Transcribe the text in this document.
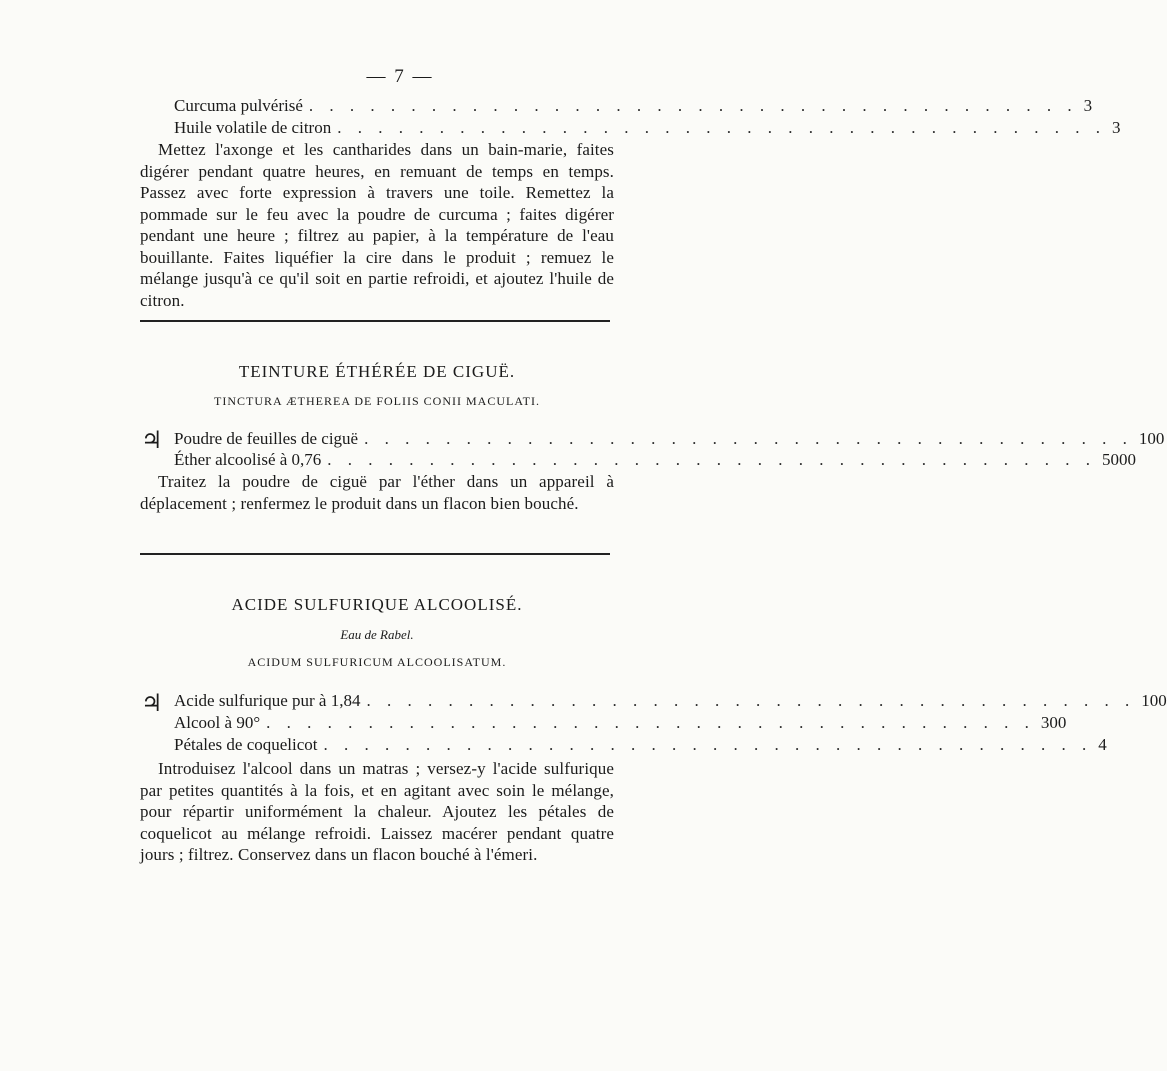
— 7 —
Curcuma pulvérisé . . . . . . . . . . . . . . . . . . . . . . . . . . . . . . . . . . . . . . 3
Huile volatile de citron . . . . . . . . . . . . . . . . . . . . . . . . . . . . . . . . . . . . . . 3

Mettez l'axonge et les cantharides dans un bain-marie, faites digérer pendant quatre heures, en remuant de temps en temps. Passez avec forte expression à travers une toile. Remettez la pommade sur le feu avec la poudre de curcuma ; faites digérer pendant une heure ; filtrez au papier, à la température de l'eau bouillante. Faites liquéfier la cire dans le produit ; remuez le mélange jusqu'à ce qu'il soit en partie refroidi, et ajoutez l'huile de citron.

TEINTURE ÉTHÉRÉE DE CIGUË.
TINCTURA ÆTHEREA DE FOLIIS CONII MACULATI.
♃ Poudre de feuilles de ciguë . . . . . . . . . . . . . . . . . . . . . . . . . . . . . . . . . . . . . . 100
Éther alcoolisé à 0,76 . . . . . . . . . . . . . . . . . . . . . . . . . . . . . . . . . . . . . . 5000

Traitez la poudre de ciguë par l'éther dans un appareil à déplacement ; renfermez le produit dans un flacon bien bouché.

ACIDE SULFURIQUE ALCOOLISÉ.
Eau de Rabel.
ACIDUM SULFURICUM ALCOOLISATUM.
♃ Acide sulfurique pur à 1,84 . . . . . . . . . . . . . . . . . . . . . . . . . . . . . . . . . . . . . . 100
Alcool à 90° . . . . . . . . . . . . . . . . . . . . . . . . . . . . . . . . . . . . . . 300
Pétales de coquelicot . . . . . . . . . . . . . . . . . . . . . . . . . . . . . . . . . . . . . . 4

Introduisez l'alcool dans un matras ; versez-y l'acide sulfurique par petites quantités à la fois, et en agitant avec soin le mélange, pour répartir uniformément la chaleur. Ajoutez les pétales de coquelicot au mélange refroidi. Laissez macérer pendant quatre jours ; filtrez. Conservez dans un flacon bouché à l'émeri.
